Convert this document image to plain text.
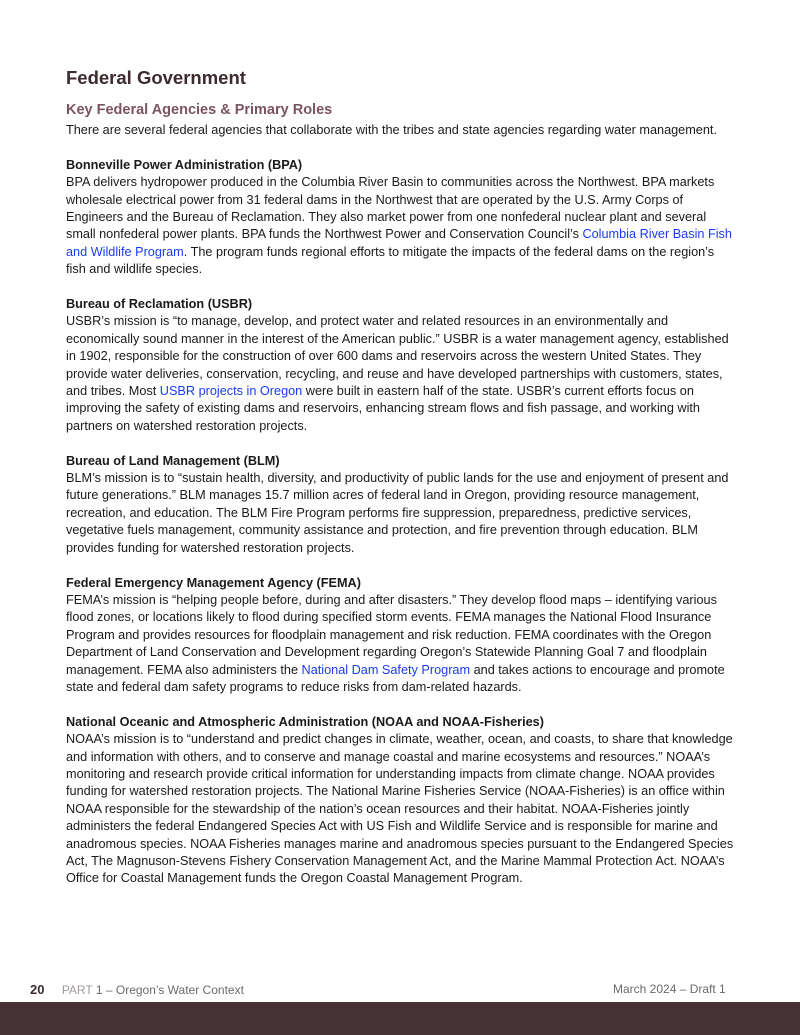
Federal Government
Key Federal Agencies & Primary Roles

There are several federal agencies that collaborate with the tribes and state agencies regarding water management.

Bonneville Power Administration (BPA)

BPA delivers hydropower produced in the Columbia River Basin to communities across the Northwest. BPA markets wholesale electrical power from 31 federal dams in the Northwest that are operated by the U.S. Army Corps of Engineers and the Bureau of Reclamation. They also market power from one nonfederal nuclear plant and several small nonfederal power plants. BPA funds the Northwest Power and Conservation Council’s Columbia River Basin Fish and Wildlife Program. The program funds regional efforts to mitigate the impacts of the federal dams on the region’s fish and wildlife species.

Bureau of Reclamation (USBR)

USBR’s mission is “to manage, develop, and protect water and related resources in an environmentally and economically sound manner in the interest of the American public.” USBR is a water management agency, established in 1902, responsible for the construction of over 600 dams and reservoirs across the western United States. They provide water deliveries, conservation, recycling, and reuse and have developed partnerships with customers, states, and tribes. Most USBR projects in Oregon were built in eastern half of the state. USBR’s current efforts focus on improving the safety of existing dams and reservoirs, enhancing stream flows and fish passage, and working with partners on watershed restoration projects.

Bureau of Land Management (BLM)

BLM’s mission is to “sustain health, diversity, and productivity of public lands for the use and enjoyment of present and future generations.” BLM manages 15.7 million acres of federal land in Oregon, providing resource management, recreation, and education. The BLM Fire Program performs fire suppression, preparedness, predictive services, vegetative fuels management, community assistance and protection, and fire prevention through education. BLM provides funding for watershed restoration projects.

Federal Emergency Management Agency (FEMA)

FEMA’s mission is “helping people before, during and after disasters.” They develop flood maps – identifying various flood zones, or locations likely to flood during specified storm events. FEMA manages the National Flood Insurance Program and provides resources for floodplain management and risk reduction. FEMA coordinates with the Oregon Department of Land Conservation and Development regarding Oregon’s Statewide Planning Goal 7 and floodplain management. FEMA also administers the National Dam Safety Program and takes actions to encourage and promote state and federal dam safety programs to reduce risks from dam-related hazards.

National Oceanic and Atmospheric Administration (NOAA and NOAA-Fisheries)

NOAA’s mission is to “understand and predict changes in climate, weather, ocean, and coasts, to share that knowledge and information with others, and to conserve and manage coastal and marine ecosystems and resources.” NOAA’s monitoring and research provide critical information for understanding impacts from climate change. NOAA provides funding for watershed restoration projects. The National Marine Fisheries Service (NOAA-Fisheries) is an office within NOAA responsible for the stewardship of the nation’s ocean resources and their habitat. NOAA-Fisheries jointly administers the federal Endangered Species Act with US Fish and Wildlife Service and is responsible for marine and anadromous species. NOAA Fisheries manages marine and anadromous species pursuant to the Endangered Species Act, The Magnuson-Stevens Fishery Conservation Management Act, and the Marine Mammal Protection Act. NOAA’s Office for Coastal Management funds the Oregon Coastal Management Program.

20 PART 1 – Oregon’s Water Context	March 2024 – Draft 1
